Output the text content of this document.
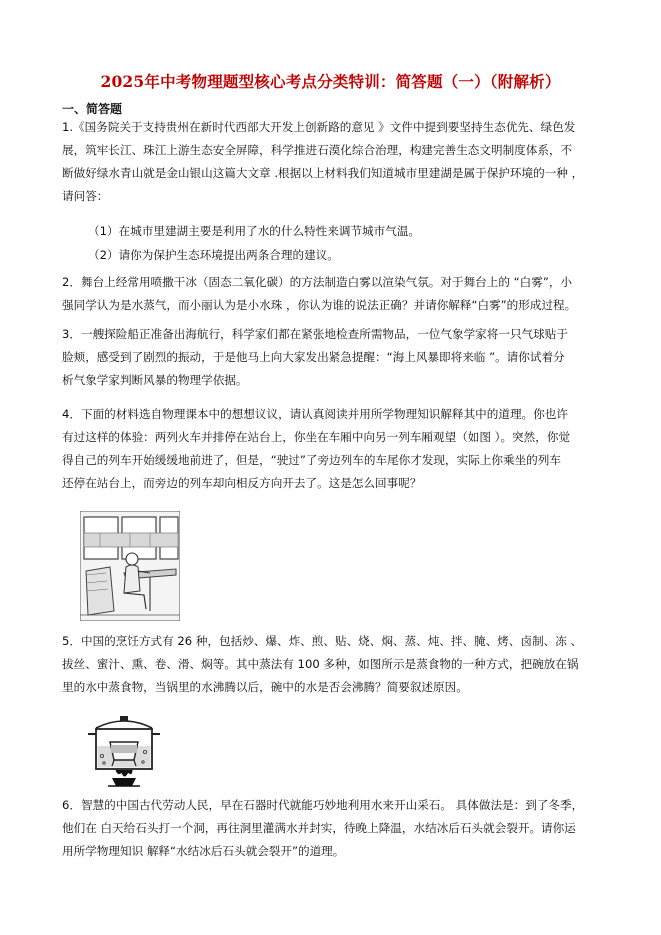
2025年中考物理题型核心考点分类特训：简答题（一）（附解析）
一、简答题
1.《国务院关于支持贵州在新时代西部大开发上创新路的意见 》文件中提到要坚持生态优先、绿色发
展，筑牢长江、珠江上游生态安全屏障，科学推进石漠化综合治理，构建完善生态文明制度体系，不
断做好绿水青山就是金山银山这篇大文章 .根据以上材料我们知道城市里建湖是属于保护环境的一种 ，
请问答：
（1）在城市里建湖主要是利用了水的什么特性来调节城市气温。
（2）请你为保护生态环境提出两条合理的建议。
2．舞台上经常用喷撒干冰（固态二氧化碳）的方法制造白雾以渲染气氛。对于舞台上的 “白雾”，小
强同学认为是水蒸气，而小丽认为是小水珠 ，你认为谁的说法正确？并请你解释“白雾”的形成过程。
3．一艘探险船正准备出海航行，科学家们都在紧张地检查所需物品，一位气象学家将一只气球贴于
脸颊，感受到了剧烈的振动，于是他马上向大家发出紧急提醒：“海上风暴即将来临 ”。请你试着分
析气象学家判断风暴的物理学依据。
4．下面的材料选自物理课本中的想想议议，请认真阅读并用所学物理知识解释其中的道理。你也许
有过这样的体验：两列火车并排停在站台上，你坐在车厢中向另一列车厢观望（如图 ）。突然，你觉
得自己的列车开始缓缓地前进了，但是，“驶过”了旁边列车的车尾你才发现，实际上你乘坐的列车
还停在站台上，而旁边的列车却向相反方向开去了。这是怎么回事呢？
5．中国的烹饪方式有 26 种，包括炒、爆、炸、煎、贴、烧、焖、蒸、炖、拌、腌、烤、卤制、冻 、
拔丝、蜜汁、熏、卷、滑、焖等。其中蒸法有 100 多种，如图所示是蒸食物的一种方式，把碗放在锅
里的水中蒸食物，当锅里的水沸腾以后，碗中的水是否会沸腾？简要叙述原因。
6．智慧的中国古代劳动人民，早在石器时代就能巧妙地利用水来开山采石。 具体做法是：到了冬季，
他们在 白天给石头打一个洞，再往洞里灌满水并封实，待晚上降温，水结冰后石头就会裂开。请你运
用所学物理知识 解释“水结冰后石头就会裂开”的道理。
